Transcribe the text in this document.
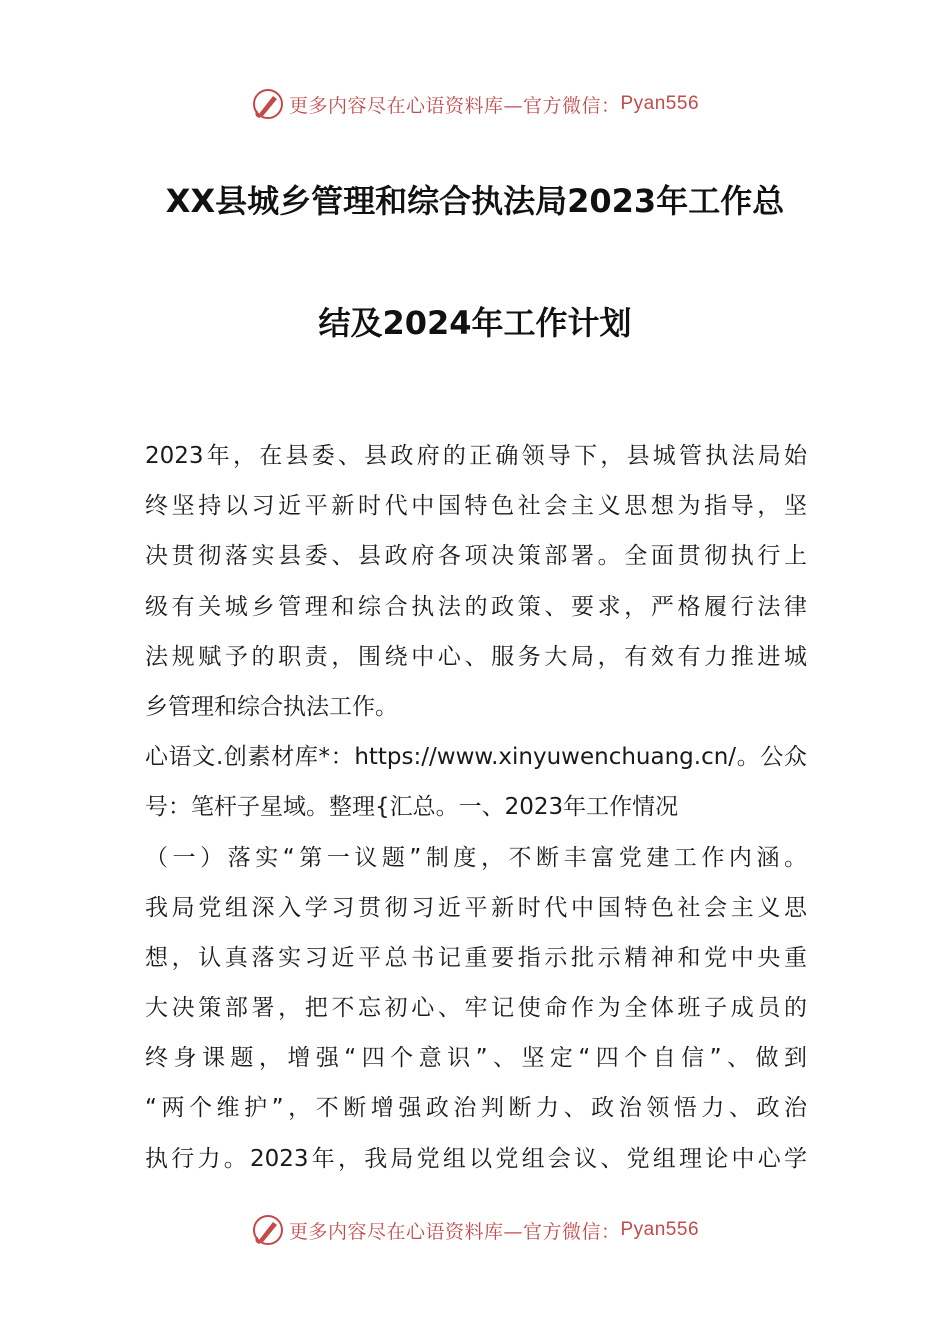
更多内容尽在心语资料库—官方微信： Pyan556
XX县城乡管理和综合执法局2023年工作总
结及2024年工作计划
2023年，在县委、县政府的正确领导下，县城管执法局始
终坚持以习近平新时代中国特色社会主义思想为指导，坚
决贯彻落实县委、县政府各项决策部署。全面贯彻执行上
级有关城乡管理和综合执法的政策、要求，严格履行法律
法规赋予的职责，围绕中心、服务大局，有效有力推进城
乡管理和综合执法工作。
心语文.创素材库*：https://www.xinyuwenchuang.cn/。公众
号：笔杆子星域。整理{汇总。一、2023年工作情况
（一）落实“第一议题”制度，不断丰富党建工作内涵。
我局党组深入学习贯彻习近平新时代中国特色社会主义思
想，认真落实习近平总书记重要指示批示精神和党中央重
大决策部署，把不忘初心、牢记使命作为全体班子成员的
终身课题，增强“四个意识”、坚定“四个自信”、做到
“两个维护”，不断增强政治判断力、政治领悟力、政治
执行力。2023年，我局党组以党组会议、党组理论中心学
更多内容尽在心语资料库—官方微信： Pyan556
